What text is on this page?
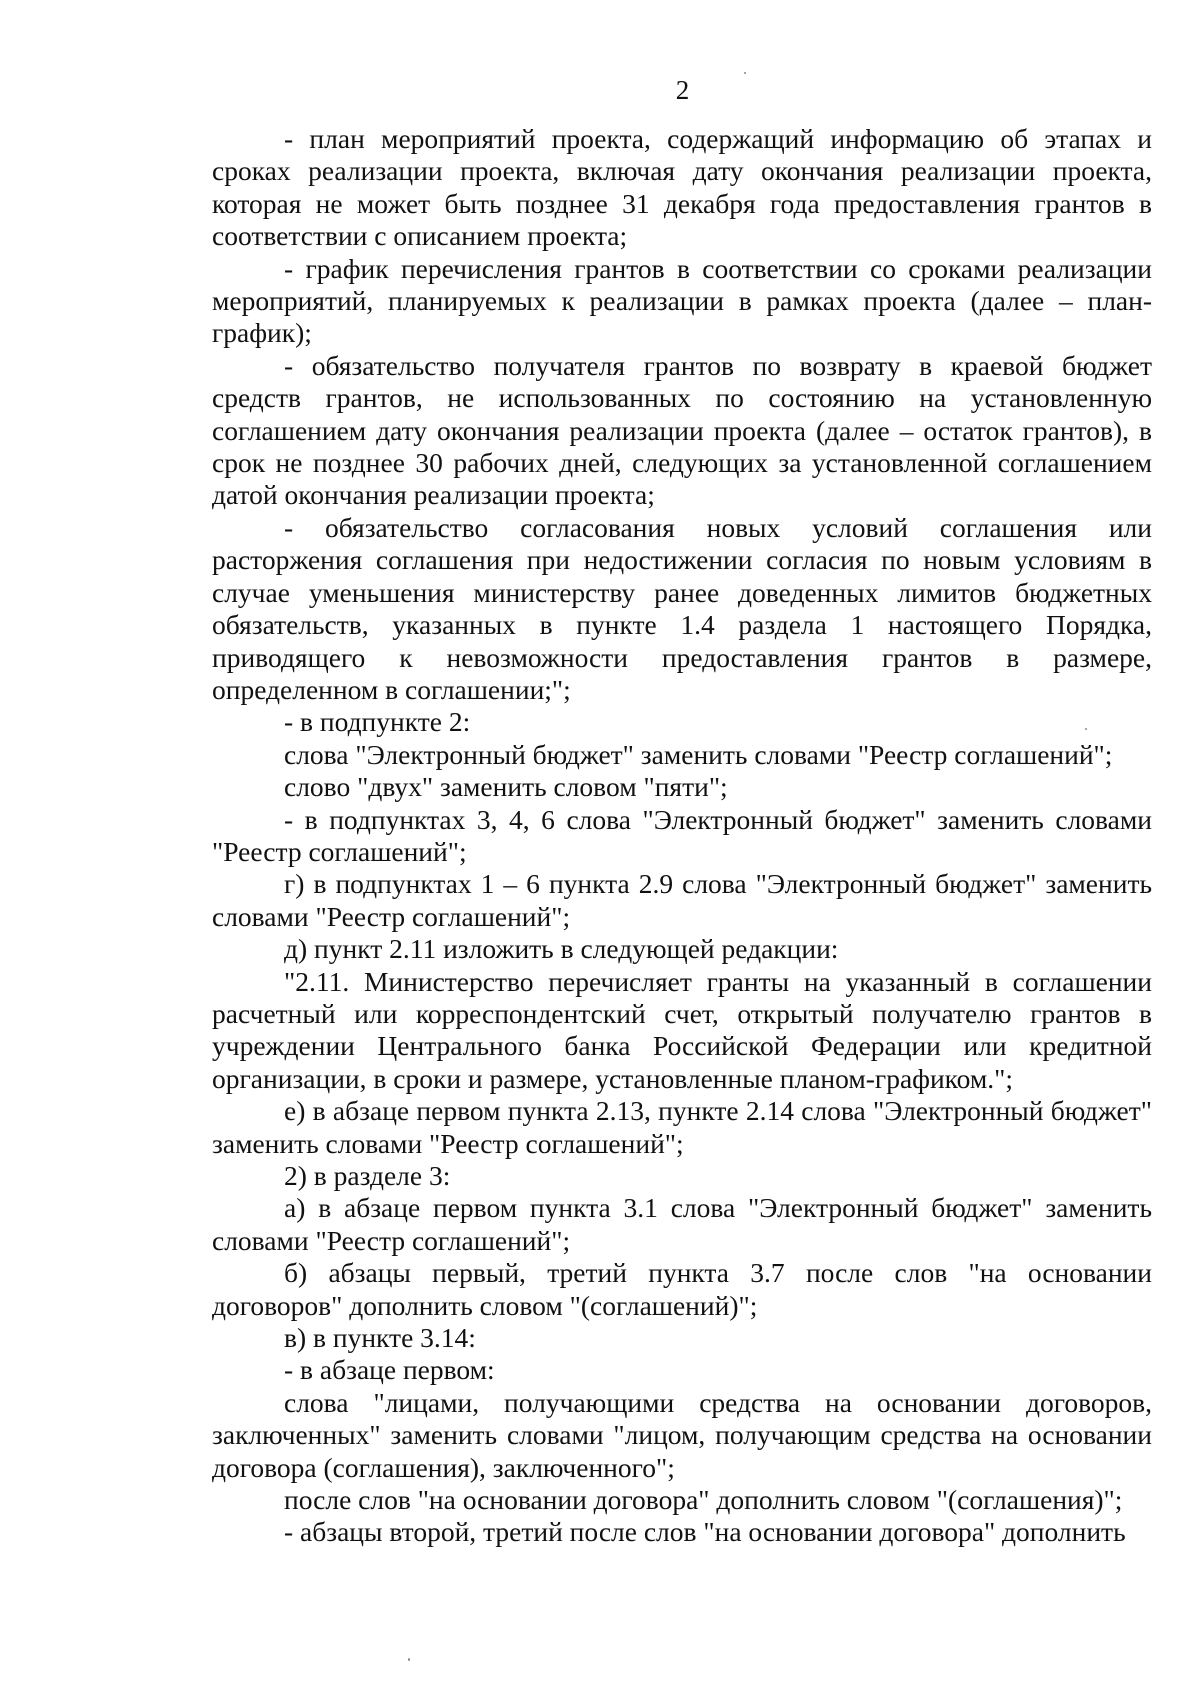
2

- план мероприятий проекта, содержащий информацию об этапах и сроках реализации проекта, включая дату окончания реализации проекта, которая не может быть позднее 31 декабря года предоставления грантов в соответствии с описанием проекта;

- график перечисления грантов в соответствии со сроками реализации мероприятий, планируемых к реализации в рамках проекта (далее – план-график);

- обязательство получателя грантов по возврату в краевой бюджет средств грантов, не использованных по состоянию на установленную соглашением дату окончания реализации проекта (далее – остаток грантов), в срок не позднее 30 рабочих дней, следующих за установленной соглашением датой окончания реализации проекта;

- обязательство согласования новых условий соглашения или расторжения соглашения при недостижении согласия по новым условиям в случае уменьшения министерству ранее доведенных лимитов бюджетных обязательств, указанных в пункте 1.4 раздела 1 настоящего Порядка, приводящего к невозможности предоставления грантов в размере, определенном в соглашении;";

- в подпункте 2:

слова "Электронный бюджет" заменить словами "Реестр соглашений";

слово "двух" заменить словом "пяти";

- в подпунктах 3, 4, 6 слова "Электронный бюджет" заменить словами "Реестр соглашений";

г) в подпунктах 1 – 6 пункта 2.9 слова "Электронный бюджет" заменить словами "Реестр соглашений";

д) пункт 2.11 изложить в следующей редакции:

"2.11. Министерство перечисляет гранты на указанный в соглашении расчетный или корреспондентский счет, открытый получателю грантов в учреждении Центрального банка Российской Федерации или кредитной организации, в сроки и размере, установленные планом-графиком.";

е) в абзаце первом пункта 2.13, пункте 2.14 слова "Электронный бюджет" заменить словами "Реестр соглашений";

2) в разделе 3:

а) в абзаце первом пункта 3.1 слова "Электронный бюджет" заменить словами "Реестр соглашений";

б) абзацы первый, третий пункта 3.7 после слов "на основании договоров" дополнить словом "(соглашений)";

в) в пункте 3.14:

- в абзаце первом:

слова "лицами, получающими средства на основании договоров, заключенных" заменить словами "лицом, получающим средства на основании договора (соглашения), заключенного";

после слов "на основании договора" дополнить словом "(соглашения)";

- абзацы второй, третий после слов "на основании договора" дополнить
